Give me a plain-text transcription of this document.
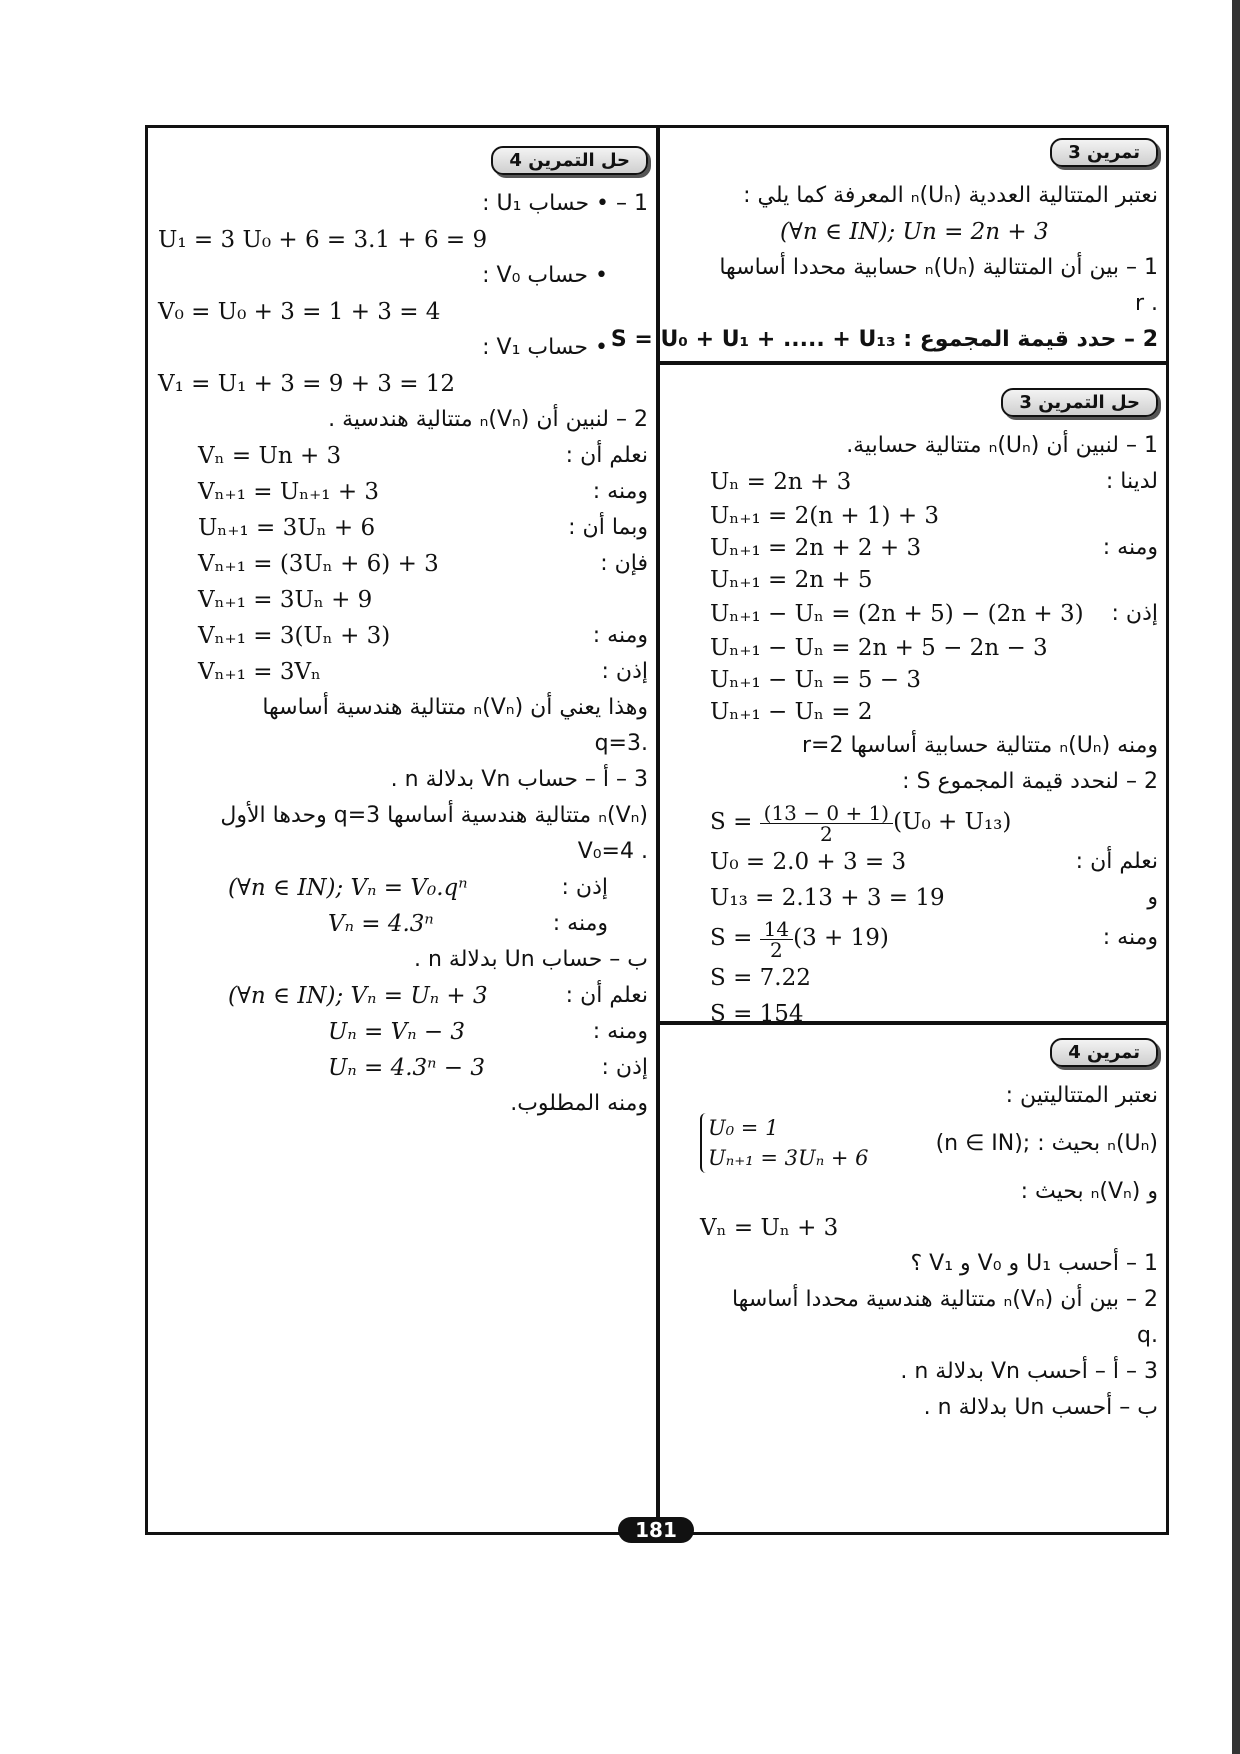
تمرين 3
نعتبر المتتالية العددية (Uₙ)ₙ المعرفة كما يلي :
(∀n ∈ IN); Un = 2n + 3
1 – بين أن المتتالية (Uₙ)ₙ حسابية محددا أساسها
. r
2 – حدد قيمة المجموع : S = U₀ + U₁ + ..... + U₁₃
حل التمرين 3
1 – لنبين أن (Uₙ)ₙ متتالية حسابية.
لدينا :
Uₙ = 2n + 3
Uₙ₊₁ = 2(n + 1) + 3
ومنه :
Uₙ₊₁ = 2n + 2 + 3
Uₙ₊₁ = 2n + 5
إذن :
Uₙ₊₁ − Uₙ = (2n + 5) − (2n + 3)
Uₙ₊₁ − Uₙ = 2n + 5 − 2n − 3
Uₙ₊₁ − Uₙ = 5 − 3
Uₙ₊₁ − Uₙ = 2
ومنه (Uₙ)ₙ متتالية حسابية أساسها r=2
2 – لنحدد قيمة المجموع S :
$S = \frac{(13 - 0 + 1)}{2} (U_0 + U_{13})$
نعلم أن :
U₀ = 2.0 + 3 = 3
و
U₁₃ = 2.13 + 3 = 19
ومنه :
$S = \frac{14}{2} (3 + 19)$
S = 7.22
S = 154
تمرين 4
نعتبر المتتاليتين :
(Uₙ)ₙ بحيث : ;(n ∈ IN)
U₀ = 1
Uₙ₊₁ = 3Uₙ + 6
و (Vₙ)ₙ بحيث :
Vₙ = Uₙ + 3
1 – أحسب U₁ و V₀ و V₁ ؟
2 – بين أن (Vₙ)ₙ متتالية هندسية محددا أساسها
.q
3 – أ – أحسب Vn بدلالة n .
ب – أحسب Un بدلالة n .
حل التمرين 4
1 – • حساب U₁ :
U₁ = 3 U₀ + 6 = 3.1 + 6 = 9
• حساب V₀ :
V₀ = U₀ + 3 = 1 + 3 = 4
• حساب V₁ :
V₁ = U₁ + 3 = 9 + 3 = 12
2 – لنبين أن (Vₙ)ₙ متتالية هندسية .
نعلم أن :
Vₙ = Un + 3
ومنه :
Vₙ₊₁ = Uₙ₊₁ + 3
وبما أن :
Uₙ₊₁ = 3Uₙ + 6
فإن :
Vₙ₊₁ = (3Uₙ + 6) + 3
Vₙ₊₁ = 3Uₙ + 9
ومنه :
Vₙ₊₁ = 3(Uₙ + 3)
إذن :
Vₙ₊₁ = 3Vₙ
وهذا يعني أن (Vₙ)ₙ متتالية هندسية أساسها
.q=3
3 – أ – حساب Vn بدلالة n .
(Vₙ)ₙ متتالية هندسية أساسها q=3 وحدها الأول
. V₀=4
إذن :
(∀n ∈ IN); Vₙ = V₀.qⁿ
ومنه :
Vₙ = 4.3ⁿ
ب – حساب Un بدلالة n .
نعلم أن :
(∀n ∈ IN); Vₙ = Uₙ + 3
ومنه :
Uₙ = Vₙ − 3
إذن :
Uₙ = 4.3ⁿ − 3
ومنه المطلوب.
181
